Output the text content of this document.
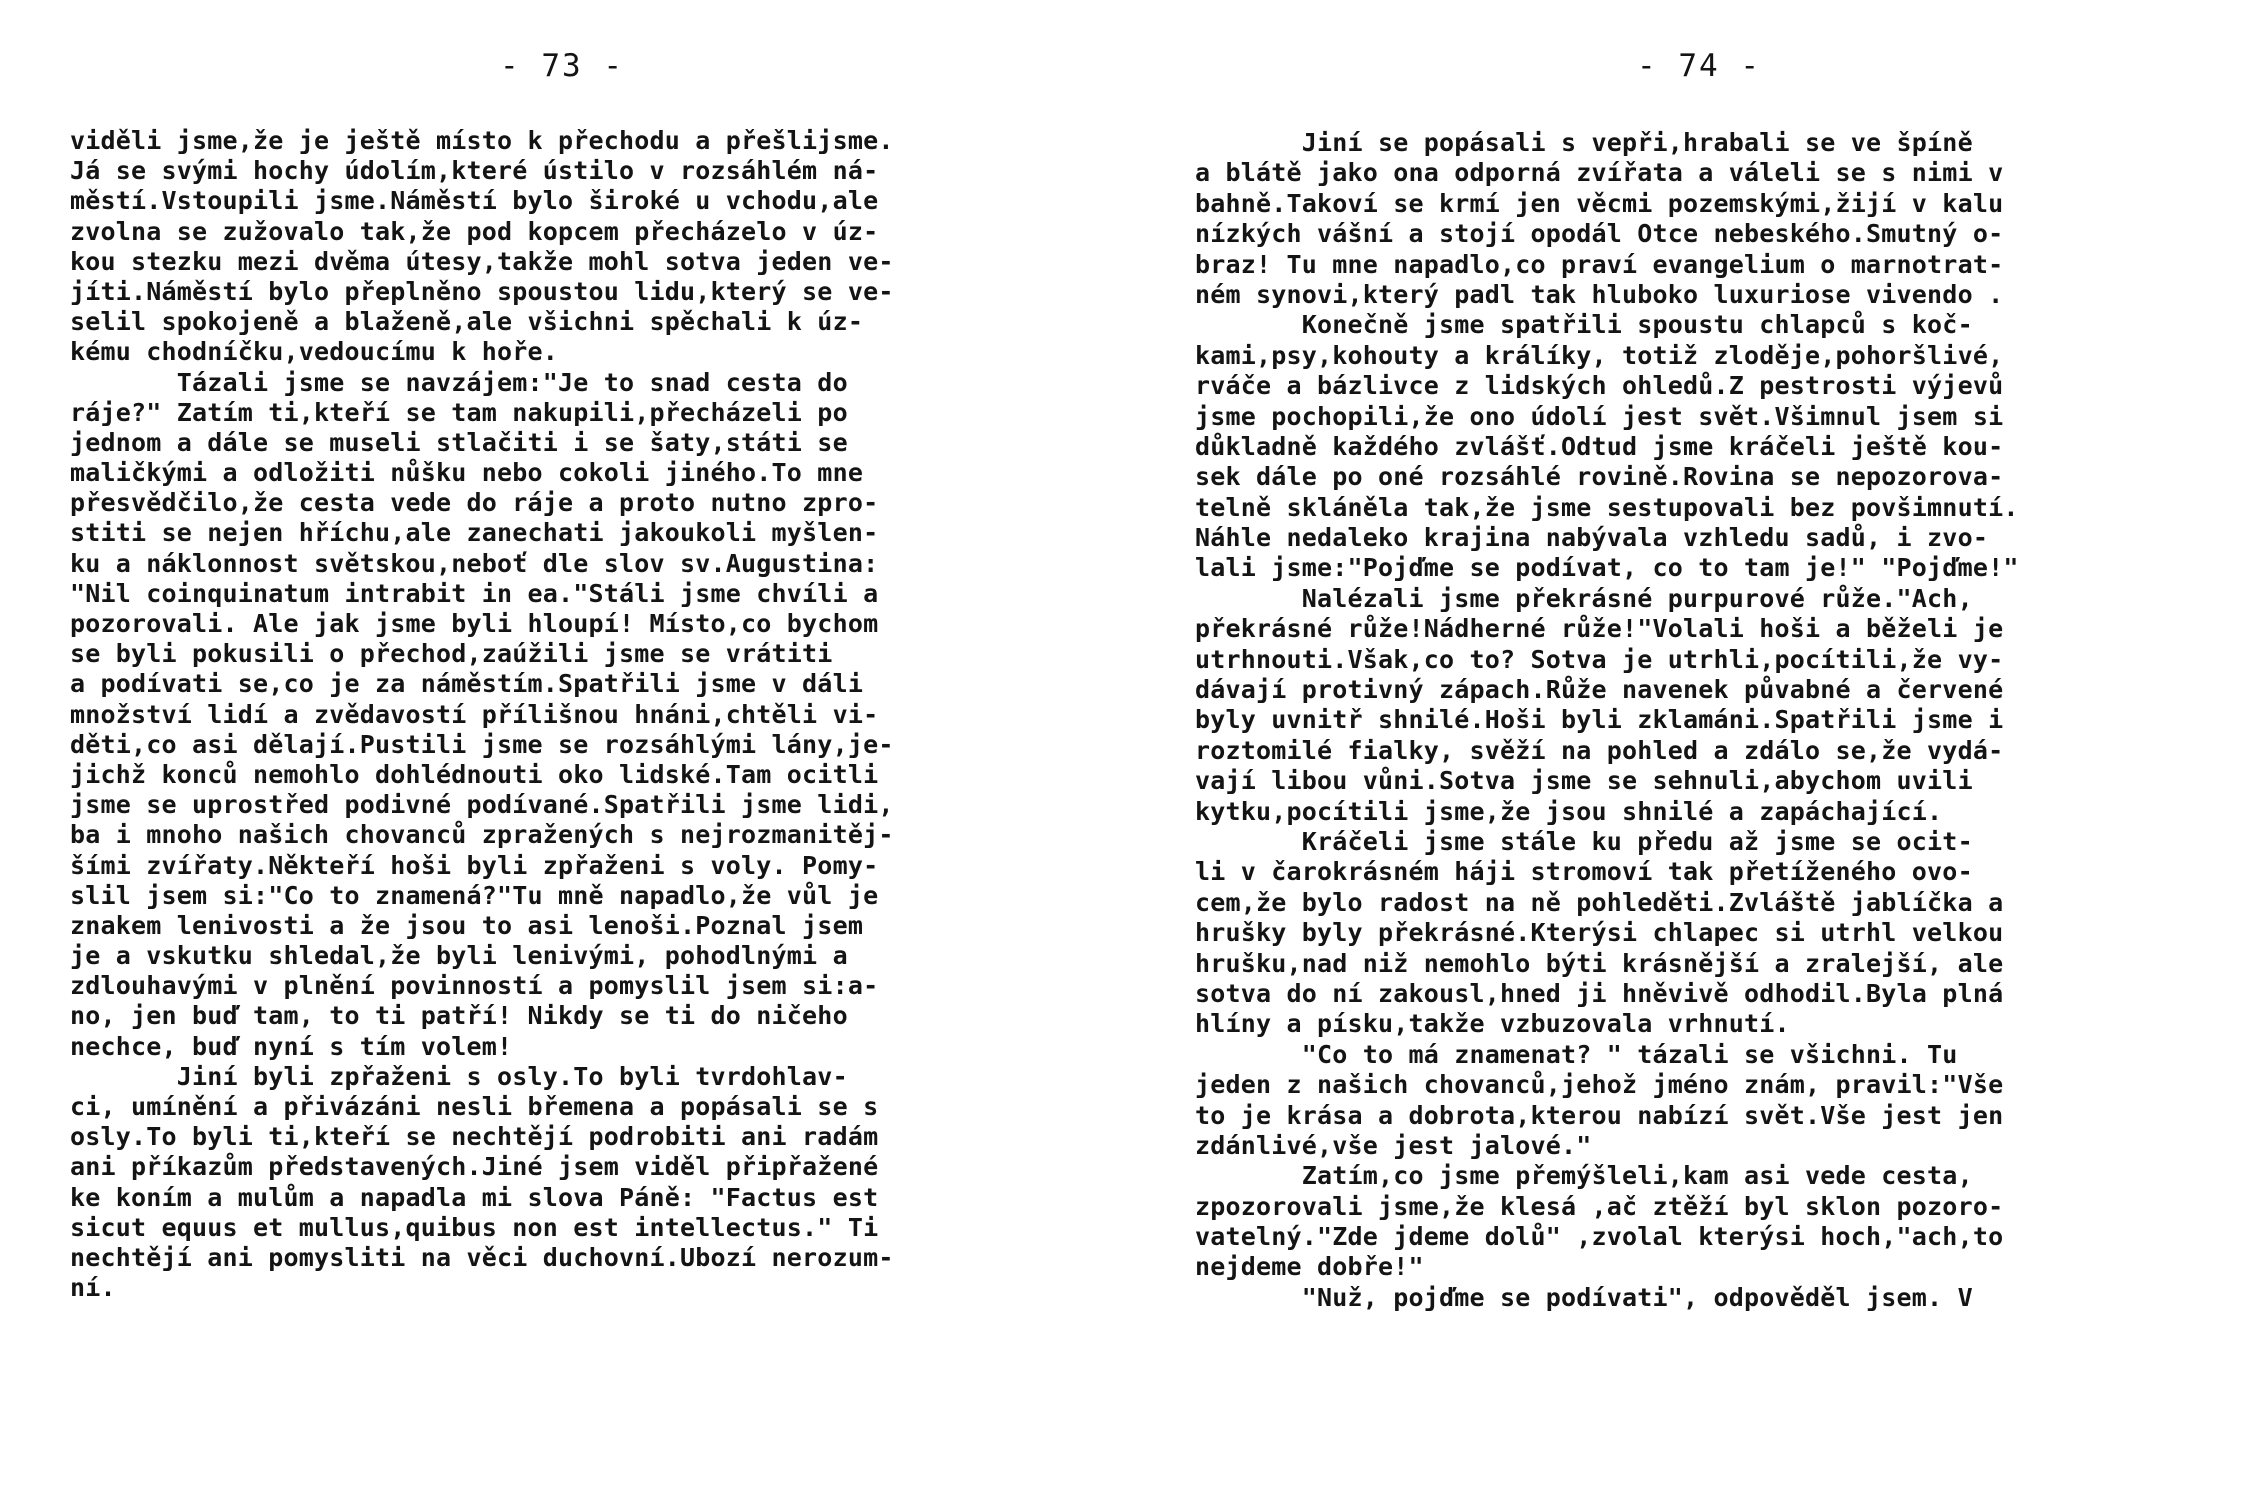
- 73 -
viděli jsme,že je ještě místo k přechodu a přešlijsme.
Já se svými hochy údolím,které ústilo v rozsáhlém ná-
městí.Vstoupili jsme.Náměstí bylo široké u vchodu,ale
zvolna se zužovalo tak,že pod kopcem přecházelo v úz-
kou stezku mezi dvěma útesy,takže mohl sotva jeden ve-
jíti.Náměstí bylo přeplněno spoustou lidu,který se ve-
selil spokojeně a blaženě,ale všichni spěchali k úz-
kému chodníčku,vedoucímu k hoře.
Tázali jsme se navzájem:"Je to snad cesta do
ráje?" Zatím ti,kteří se tam nakupili,přecházeli po
jednom a dále se museli stlačiti i se šaty,státi se
maličkými a odložiti nůšku nebo cokoli jiného.To mne
přesvědčilo,že cesta vede do ráje a proto nutno zpro-
stiti se nejen hříchu,ale zanechati jakoukoli myšlen-
ku a náklonnost světskou,neboť dle slov sv.Augustina:
"Nil coinquinatum intrabit in ea."Stáli jsme chvíli a
pozorovali. Ale jak jsme byli hloupí! Místo,co bychom
se byli pokusili o přechod,zaúžili jsme se vrátiti
a podívati se,co je za náměstím.Spatřili jsme v dáli
množství lidí a zvědavostí přílišnou hnáni,chtěli vi-
děti,co asi dělají.Pustili jsme se rozsáhlými lány,je-
jichž konců nemohlo dohlédnouti oko lidské.Tam ocitli
jsme se uprostřed podivné podívané.Spatřili jsme lidi,
ba i mnoho našich chovanců zpražených s nejrozmanitěj-
šími zvířaty.Někteří hoši byli zpřaženi s voly. Pomy-
slil jsem si:"Co to znamená?"Tu mně napadlo,že vůl je
znakem lenivosti a že jsou to asi lenoši.Poznal jsem
je a vskutku shledal,že byli lenivými, pohodlnými a
zdlouhavými v plnění povinností a pomyslil jsem si:a-
no, jen buď tam, to ti patří! Nikdy se ti do ničeho
nechce, buď nyní s tím volem!
Jiní byli zpřaženi s osly.To byli tvrdohlav-
ci, umínění a přivázáni nesli břemena a popásali se s
osly.To byli ti,kteří se nechtějí podrobiti ani radám
ani příkazům představených.Jiné jsem viděl připřažené
ke koním a mulům a napadla mi slova Páně: "Factus est
sicut equus et mullus,quibus non est intellectus." Ti
nechtějí ani pomysliti na věci duchovní.Ubozí nerozum-
ní.
- 74 -
Jiní se popásali s vepři,hrabali se ve špíně
a blátě jako ona odporná zvířata a váleli se s nimi v
bahně.Takoví se krmí jen věcmi pozemskými,žijí v kalu
nízkých vášní a stojí opodál Otce nebeského.Smutný o-
braz! Tu mne napadlo,co praví evangelium o marnotrat-
ném synovi,který padl tak hluboko luxuriose vivendo .
Konečně jsme spatřili spoustu chlapců s koč-
kami,psy,kohouty a králíky, totiž zloděje,pohoršlivé,
rváče a bázlivce z lidských ohledů.Z pestrosti výjevů
jsme pochopili,že ono údolí jest svět.Všimnul jsem si
důkladně každého zvlášť.Odtud jsme kráčeli ještě kou-
sek dále po oné rozsáhlé rovině.Rovina se nepozorova-
telně skláněla tak,že jsme sestupovali bez povšimnutí.
Náhle nedaleko krajina nabývala vzhledu sadů, i zvo-
lali jsme:"Pojďme se podívat, co to tam je!" "Pojďme!"
Nalézali jsme překrásné purpurové růže."Ach,
překrásné růže!Nádherné růže!"Volali hoši a běželi je
utrhnouti.Však,co to? Sotva je utrhli,pocítili,že vy-
dávají protivný zápach.Růže navenek půvabné a červené
byly uvnitř shnilé.Hoši byli zklamáni.Spatřili jsme i
roztomilé fialky, svěží na pohled a zdálo se,že vydá-
vají libou vůni.Sotva jsme se sehnuli,abychom uvili
kytku,pocítili jsme,že jsou shnilé a zapáchající.
Kráčeli jsme stále ku předu až jsme se ocit-
li v čarokrásném háji stromoví tak přetíženého ovo-
cem,že bylo radost na ně pohleděti.Zvláště jablíčka a
hrušky byly překrásné.Kterýsi chlapec si utrhl velkou
hrušku,nad niž nemohlo býti krásnější a zralejší, ale
sotva do ní zakousl,hned ji hněvivě odhodil.Byla plná
hlíny a písku,takže vzbuzovala vrhnutí.
"Co to má znamenat? " tázali se všichni. Tu
jeden z našich chovanců,jehož jméno znám, pravil:"Vše
to je krása a dobrota,kterou nabízí svět.Vše jest jen
zdánlivé,vše jest jalové."
Zatím,co jsme přemýšleli,kam asi vede cesta,
zpozorovali jsme,že klesá ,ač ztěží byl sklon pozoro-
vatelný."Zde jdeme dolů" ,zvolal kterýsi hoch,"ach,to
nejdeme dobře!"
"Nuž, pojďme se podívati", odpověděl jsem. V
